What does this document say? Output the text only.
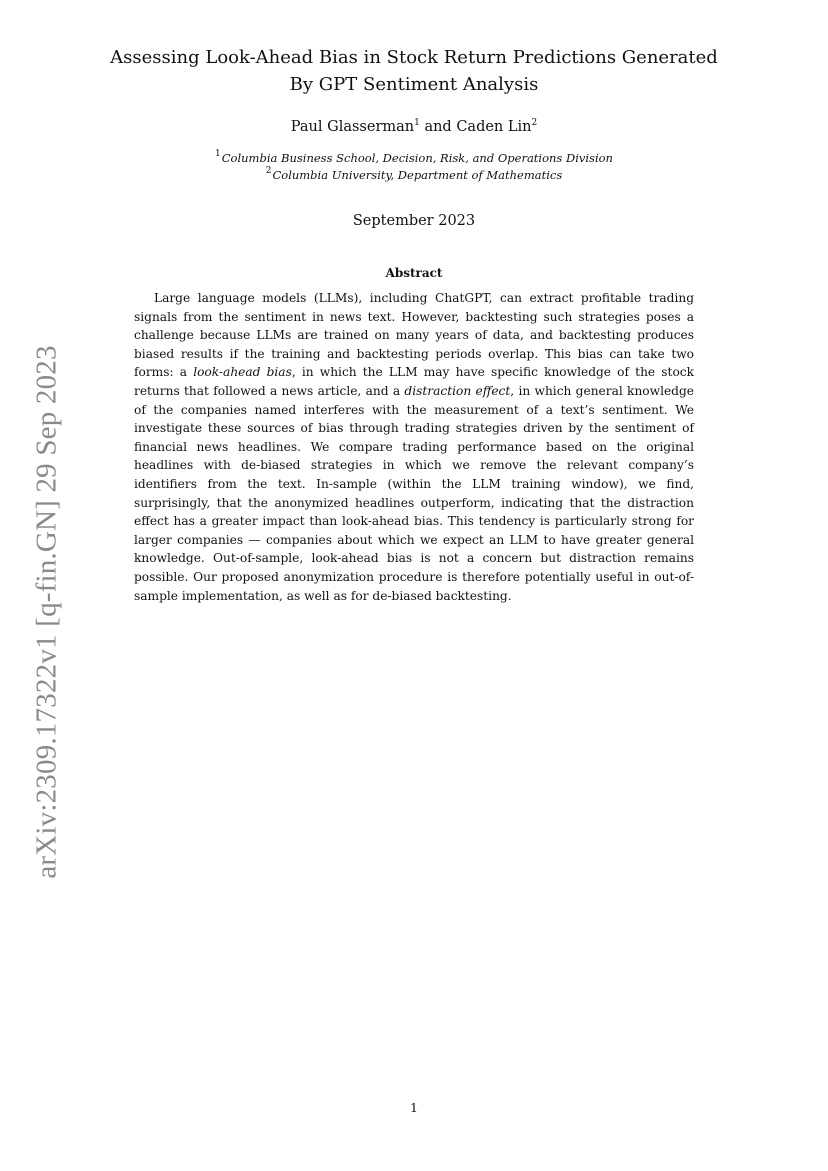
arXiv:2309.17322v1 [q-fin.GN] 29 Sep 2023
Assessing Look-Ahead Bias in Stock Return Predictions Generated By GPT Sentiment Analysis
Paul Glasserman$^1$ and Caden Lin$^2$
$^1$Columbia Business School, Decision, Risk, and Operations Division
$^2$Columbia University, Department of Mathematics
September 2023
Abstract

Large language models (LLMs), including ChatGPT, can extract profitable trading signals from the sentiment in news text. However, backtesting such strategies poses a challenge because LLMs are trained on many years of data, and backtesting produces biased results if the training and backtesting periods overlap. This bias can take two forms: a look-ahead bias, in which the LLM may have specific knowledge of the stock returns that followed a news article, and a distraction effect, in which general knowledge of the companies named interferes with the measurement of a text’s sentiment. We investigate these sources of bias through trading strategies driven by the sentiment of financial news headlines. We compare trading performance based on the original headlines with de-biased strategies in which we remove the relevant company’s identifiers from the text. In-sample (within the LLM training window), we find, surprisingly, that the anonymized headlines outperform, indicating that the distraction effect has a greater impact than look-ahead bias. This tendency is particularly strong for larger companies — companies about which we expect an LLM to have greater general knowledge. Out-of-sample, look-ahead bias is not a concern but distraction remains possible. Our proposed anonymization procedure is therefore potentially useful in out-of-sample implementation, as well as for de-biased backtesting.

1
